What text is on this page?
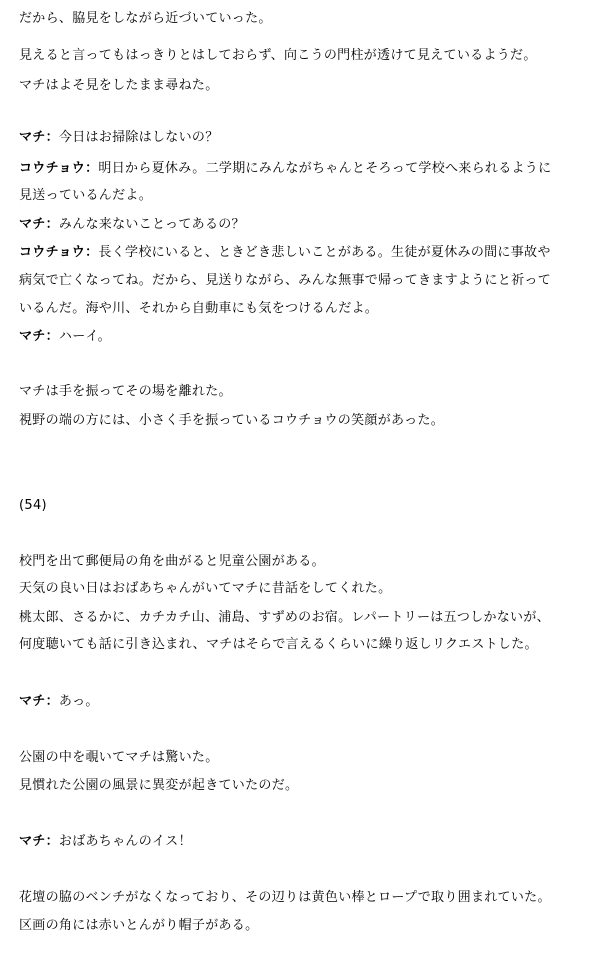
だから、脇見をしながら近づいていった。
見えると言ってもはっきりとはしておらず、向こうの門柱が透けて見えているようだ。
マチはよそ見をしたまま尋ねた。
マチ：今日はお掃除はしないの？
コウチョウ：明日から夏休み。二学期にみんながちゃんとそろって学校へ来られるように
見送っているんだよ。
マチ：みんな来ないことってあるの？
コウチョウ：長く学校にいると、ときどき悲しいことがある。生徒が夏休みの間に事故や
病気で亡くなってね。だから、見送りながら、みんな無事で帰ってきますようにと祈って
いるんだ。海や川、それから自動車にも気をつけるんだよ。
マチ：ハーイ。
マチは手を振ってその場を離れた。
視野の端の方には、小さく手を振っているコウチョウの笑顔があった。
(54)
校門を出て郵便局の角を曲がると児童公園がある。
天気の良い日はおばあちゃんがいてマチに昔話をしてくれた。
桃太郎、さるかに、カチカチ山、浦島、すずめのお宿。レパートリーは五つしかないが、
何度聴いても話に引き込まれ、マチはそらで言えるくらいに繰り返しリクエストした。
マチ：あっ。
公園の中を覗いてマチは驚いた。
見慣れた公園の風景に異変が起きていたのだ。
マチ：おばあちゃんのイス！
花壇の脇のベンチがなくなっており、その辺りは黄色い棒とロープで取り囲まれていた。
区画の角には赤いとんがり帽子がある。
